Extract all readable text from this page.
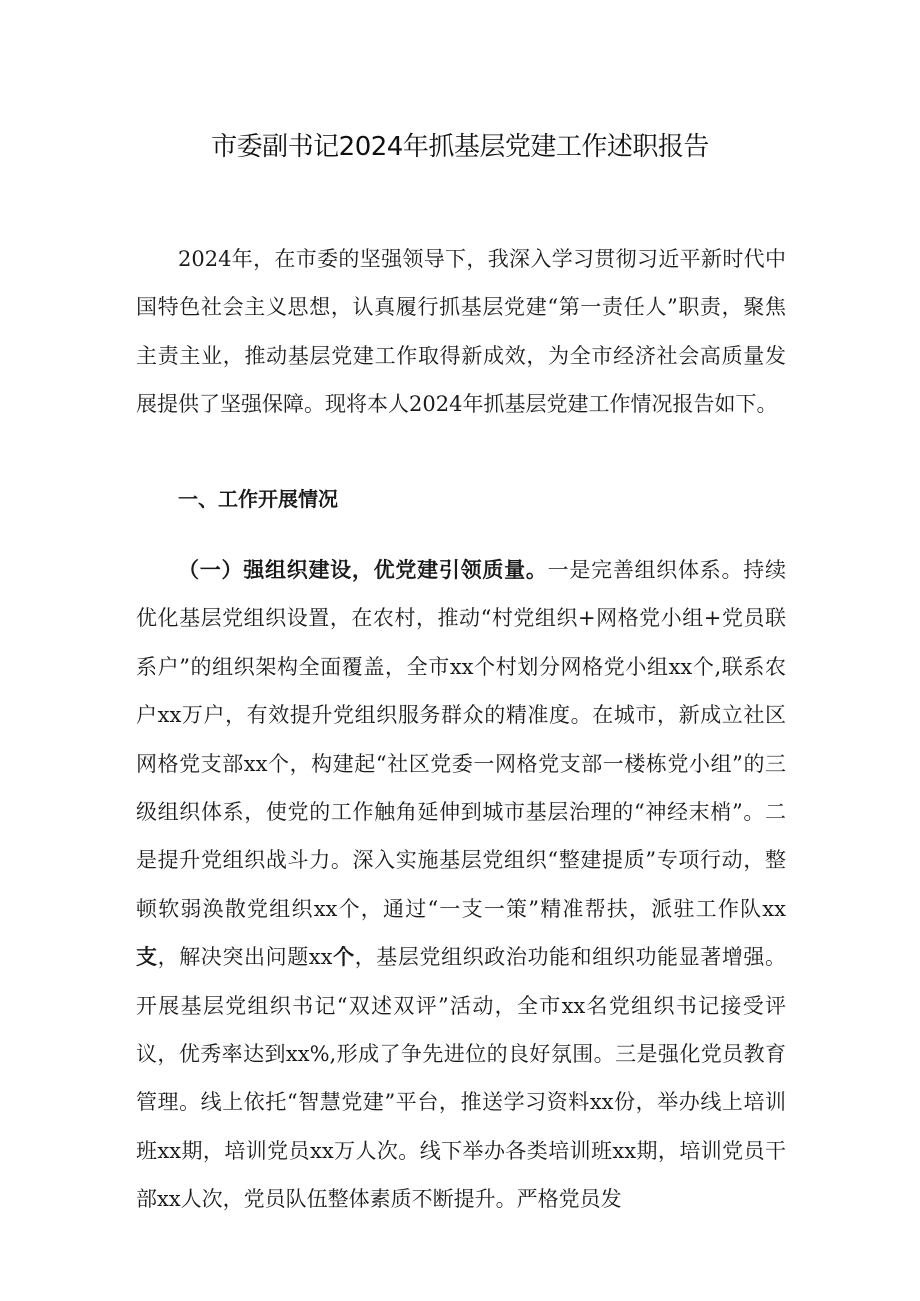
市委副书记2024年抓基层党建工作述职报告
2024年，在市委的坚强领导下，我深入学习贯彻习近平新时代中国特色社会主义思想，认真履行抓基层党建“第一责任人”职责，聚焦主责主业，推动基层党建工作取得新成效，为全市经济社会高质量发展提供了坚强保障。现将本人2024年抓基层党建工作情况报告如下。
一、工作开展情况
（一）强组织建设，优党建引领质量。一是完善组织体系。持续优化基层党组织设置，在农村，推动“村党组织+网格党小组+党员联系户”的组织架构全面覆盖，全市xx个村划分网格党小组xx个,联系农户xx万户，有效提升党组织服务群众的精准度。在城市，新成立社区网格党支部xx个，构建起“社区党委一网格党支部一楼栋党小组”的三级组织体系，使党的工作触角延伸到城市基层治理的“神经末梢”。二是提升党组织战斗力。深入实施基层党组织“整建提质”专项行动，整顿软弱涣散党组织xx个，通过“一支一策”精准帮扶，派驻工作队xx支，解决突出问题xx个，基层党组织政治功能和组织功能显著增强。开展基层党组织书记“双述双评”活动，全市xx名党组织书记接受评议，优秀率达到xx%,形成了争先进位的良好氛围。三是强化党员教育管理。线上依托“智慧党建”平台，推送学习资料xx份，举办线上培训班xx期，培训党员xx万人次。线下举办各类培训班xx期，培训党员干部xx人次，党员队伍整体素质不断提升。严格党员发
